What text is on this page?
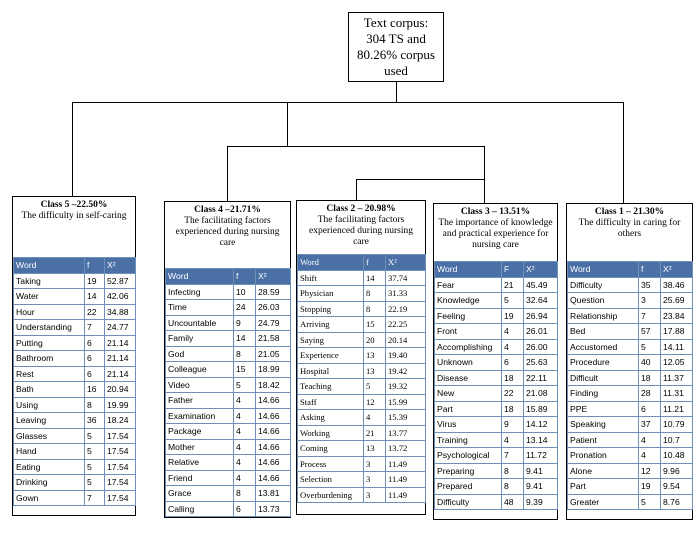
Text corpus: 304 TS and 80.26% corpus used
Class 5 –22.50%
The difficulty in self-caring
Word	f	X²
Taking	19	52.87
Water	14	42.06
Hour	22	34.88
Understanding	7	24.77
Putting	6	21.14
Bathroom	6	21.14
Rest	6	21.14
Bath	16	20.94
Using	8	19.99
Leaving	36	18.24
Glasses	5	17.54
Hand	5	17.54
Eating	5	17.54
Drinking	5	17.54
Gown	7	17.54
Class 4 –21.71%
The facilitating factors experienced during nursing care
Word	f	X²
Infecting	10	28.59
Time	24	26.03
Uncountable	9	24.79
Family	14	21.58
God	8	21.05
Colleague	15	18.99
Video	5	18.42
Father	4	14.66
Examination	4	14.66
Package	4	14.66
Mother	4	14.66
Relative	4	14.66
Friend	4	14.66
Grace	8	13.81
Calling	6	13.73
Class 2 – 20.98%
The facilitating factors experienced during nursing care
Word	f	X²
Shift	14	37.74
Physician	8	31.33
Stopping	8	22.19
Arriving	15	22.25
Saying	20	20.14
Experience	13	19.40
Hospital	13	19.42
Teaching	5	19.32
Staff	12	15.99
Asking	4	15.39
Working	21	13.77
Coming	13	13.72
Process	3	11.49
Selection	3	11.49
Overburdening	3	11.49
Class 3 – 13.51%
The importance of knowledge and practical experience for nursing care
Word	F	X²
Fear	21	45.49
Knowledge	5	32.64
Feeling	19	26.94
Front	4	26.01
Accomplishing	4	26.00
Unknown	6	25.63
Disease	18	22.11
New	22	21.08
Part	18	15.89
Virus	9	14.12
Training	4	13.14
Psychological	7	11.72
Preparing	8	9.41
Prepared	8	9.41
Difficulty	48	9.39
Class 1 – 21.30%
The difficulty in caring for others
Word	f	X²
Difficulty	35	38.46
Question	3	25.69
Relationship	7	23.84
Bed	57	17.88
Accustomed	5	14.11
Procedure	40	12.05
Difficult	18	11.37
Finding	28	11.31
PPE	6	11.21
Speaking	37	10.79
Patient	4	10.7
Pronation	4	10.48
Alone	12	9.96
Part	19	9.54
Greater	5	8.76
